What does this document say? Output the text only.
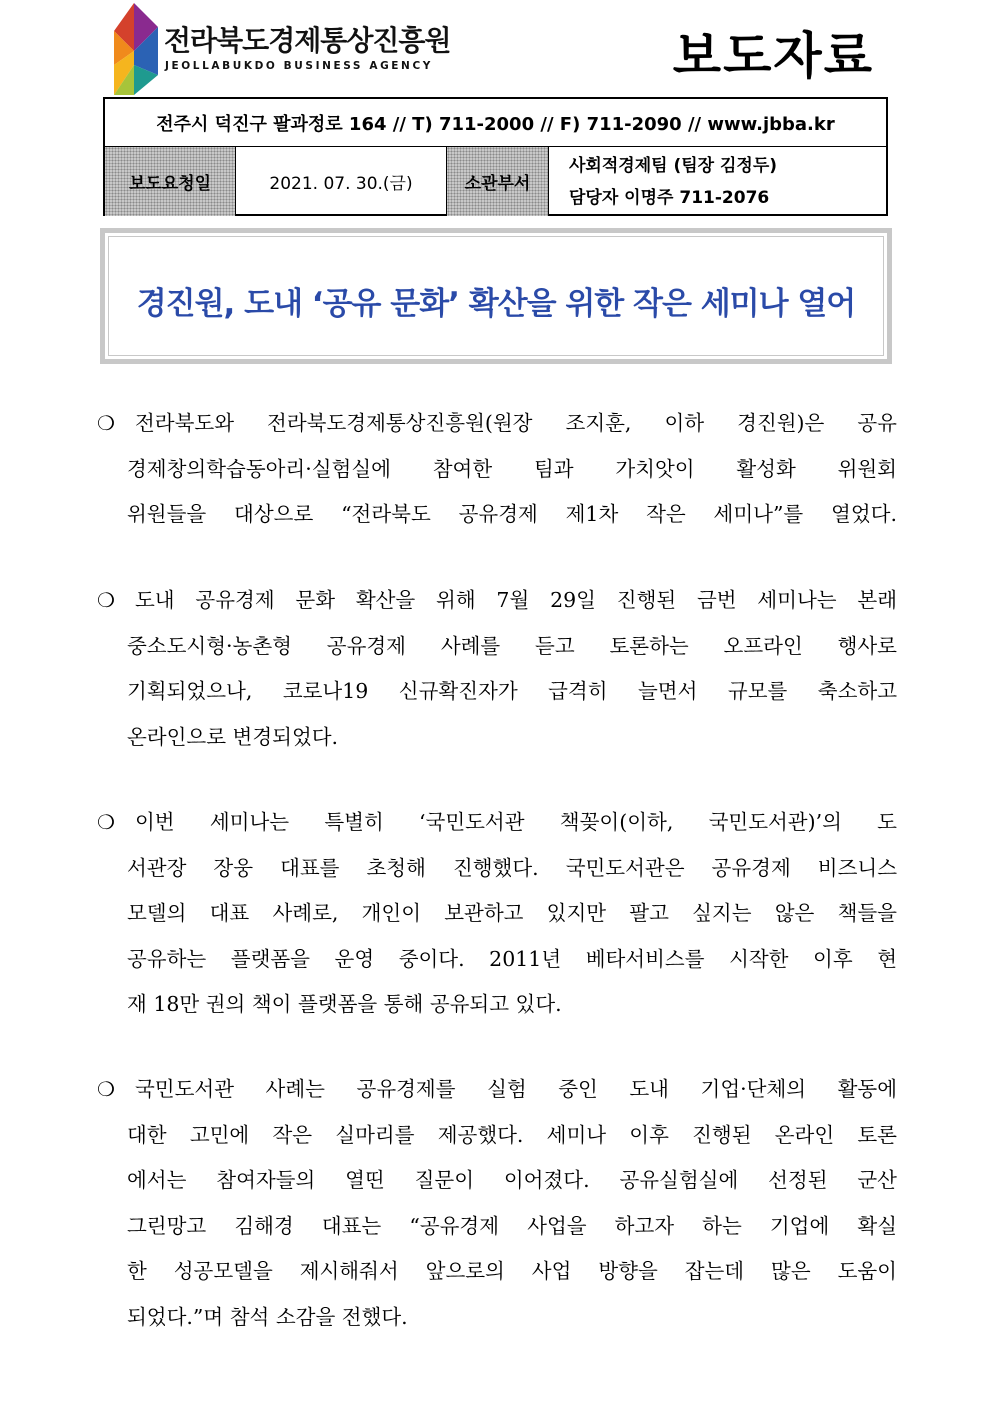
전라북도경제통상진흥원
JEOLLABUKDO BUSINESS AGENCY	보도자료
전주시 덕진구 팔과정로 164 // T) 711-2000 // F) 711-2090 // www.jbba.kr
보도요청일	2021. 07. 30.(금)	소관부서
사회적경제팀 (팀장 김정두)
담당자 이명주 711-2076
경진원, 도내 ‘공유 문화’ 확산을 위한 작은 세미나 열어
❍ 전라북도와 전라북도경제통상진흥원(원장 조지훈, 이하 경진원)은 공유
경제창의학습동아리·실험실에 참여한 팀과 가치앗이 활성화 위원회
위원들을 대상으로 “전라북도 공유경제 제1차 작은 세미나”를 열었다.
❍ 도내 공유경제 문화 확산을 위해 7월 29일 진행된 금번 세미나는 본래
중소도시형·농촌형 공유경제 사례를 듣고 토론하는 오프라인 행사로
기획되었으나, 코로나19 신규확진자가 급격히 늘면서 규모를 축소하고
온라인으로 변경되었다.
❍ 이번 세미나는 특별히 ‘국민도서관 책꽂이(이하, 국민도서관)’의 도
서관장 장웅 대표를 초청해 진행했다. 국민도서관은 공유경제 비즈니스
모델의 대표 사례로, 개인이 보관하고 있지만 팔고 싶지는 않은 책들을
공유하는 플랫폼을 운영 중이다. 2011년 베타서비스를 시작한 이후 현
재 18만 권의 책이 플랫폼을 통해 공유되고 있다.
❍ 국민도서관 사례는 공유경제를 실험 중인 도내 기업·단체의 활동에
대한 고민에 작은 실마리를 제공했다. 세미나 이후 진행된 온라인 토론
에서는 참여자들의 열띤 질문이 이어졌다. 공유실험실에 선정된 군산
그린망고 김해경 대표는 “공유경제 사업을 하고자 하는 기업에 확실
한 성공모델을 제시해줘서 앞으로의 사업 방향을 잡는데 많은 도움이
되었다.”며 참석 소감을 전했다.
